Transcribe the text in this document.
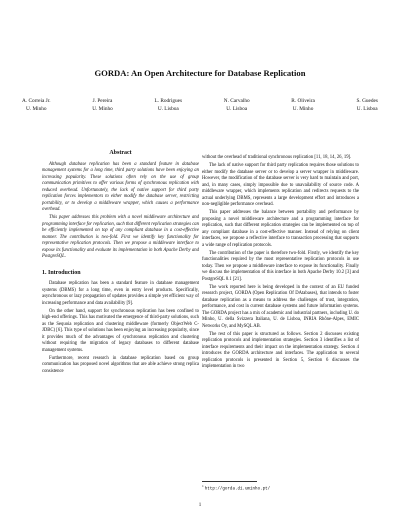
GORDA: An Open Architecture for Database Replication
A. Correia Jr.
U. Minho
J. Pereira
U. Minho
L. Rodrigues
U. Lisboa
N. Carvalho
U. Lisboa
R. Oliveira
U. Minho
S. Guedes
U. Lisboa
Abstract

Although database replication has been a standard feature in database management systems for a long time, third party solutions have been enjoying an increasing popularity. These solutions often rely on the use of group communication primitives to offer various forms of synchronous replication with reduced overhead. Unfortunately, the lack of native support for third party replication forces implementors to either modify the database server, restricting portability, or to develop a middleware wrapper, which causes a performance overhead.

This paper addresses this problem with a novel middleware architecture and programming interface for replication, such that different replication strategies can be efficiently implemented on top of any compliant database in a cost-effective manner. The contribution is two-fold. First we identify key functionality for representative replication protocols. Then we propose a middleware interface to expose its functionality and evaluate its implementation in both Apache Derby and PostgreSQL.

1. Introduction

Database replication has been a standard feature in database management systems (DBMS) for a long time, even in entry level products. Specifically, asynchronous or lazy propagation of updates provides a simple yet efficient way of increasing performance and data availability [9].

On the other hand, support for synchronous replication has been confined to high-end offerings. This has motivated the emergence of third-party solutions, such as the Sequoia replication and clustering middleware (formerly ObjectWeb C-JDBC) [6]. This type of solutions has been enjoying an increasing popularity, since it provides much of the advantages of synchronous replication and clustering without requiring the migration of legacy databases to different database management systems.

Furthermore, recent research in database replication based on group communication has proposed novel algorithms that are able achieve strong replica consistence

without the overhead of traditional synchronous replication [11, 18, 14, 26, 19].

The lack of native support for third party replication requires those solutions to either modify the database server or to develop a server wrapper in middleware. However, the modification of the database server is very hard to maintain and port, and, in many cases, simply impossible due to unavailability of source code. A middleware wrapper, which implements replication and redirects requests to the actual underlying DBMS, represents a large development effort and introduces a non-negligible performance overhead.

This paper addresses the balance between portability and performance by proposing a novel middleware architecture and a programming interface for replication, such that different replication strategies can be implemented on top of any compliant database in a cost-effective manner. Instead of relying on client interfaces, we propose a reflective interface to transaction processing that supports a wide range of replication protocols.

The contribution of the paper is therefore two-fold. Firstly, we identify the key functionalities required by the most representative replication protocols in use today. Then we propose a middleware interface to expose its functionality. Finally we discuss the implementation of this interface in both Apache Derby 10.2 [3] and PostgreSQL 8.1 [21].

The work reported here is being developed in the context of an EU funded research project, GORDA (Open Replication Of DAtabases), that intends to foster database replication as a means to address the challenges of trust, integration, performance, and cost in current database systems and future information systems. The GORDA project has a mix of academic and industrial partners, including U. do Minho, U. della Svizzera Italiana, U. de Lisboa, INRIA Rhône-Alpes, EMIC Networks Oy, and MySQL AB.

The rest of this paper is structured as follows. Section 2 discusses existing replication protocols and implementation strategies. Section 3 identifies a list of interface requirements and their impact on the implementation strategy. Section 4 introduces the GORDA architecture and interfaces. The application to several replication protocols is presented in Section 5, Section 6 discusses the implementation in two

$^1$ http://gorda.di.uminho.pt/
1
